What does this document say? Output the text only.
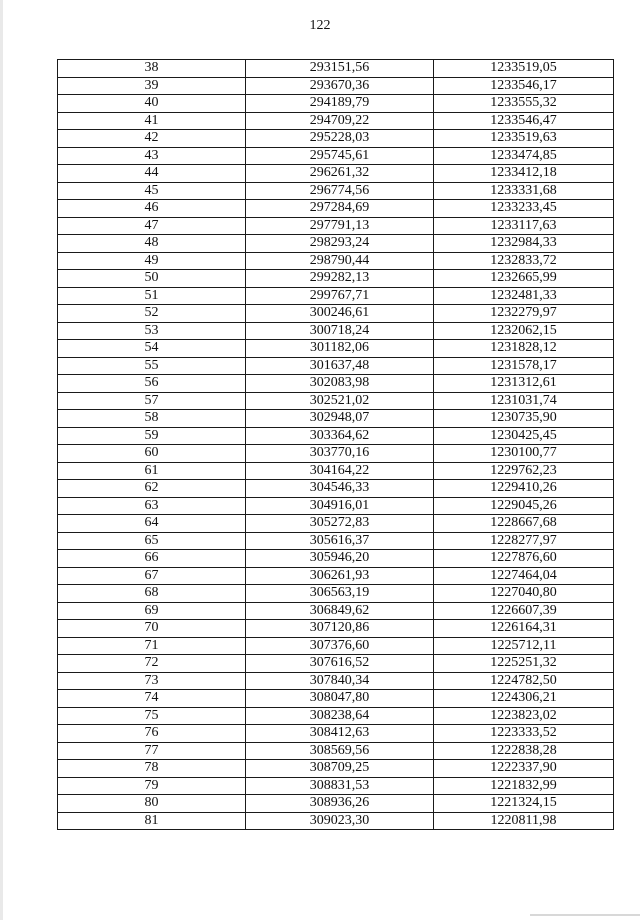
122
38	293151,56	1233519,05
39	293670,36	1233546,17
40	294189,79	1233555,32
41	294709,22	1233546,47
42	295228,03	1233519,63
43	295745,61	1233474,85
44	296261,32	1233412,18
45	296774,56	1233331,68
46	297284,69	1233233,45
47	297791,13	1233117,63
48	298293,24	1232984,33
49	298790,44	1232833,72
50	299282,13	1232665,99
51	299767,71	1232481,33
52	300246,61	1232279,97
53	300718,24	1232062,15
54	301182,06	1231828,12
55	301637,48	1231578,17
56	302083,98	1231312,61
57	302521,02	1231031,74
58	302948,07	1230735,90
59	303364,62	1230425,45
60	303770,16	1230100,77
61	304164,22	1229762,23
62	304546,33	1229410,26
63	304916,01	1229045,26
64	305272,83	1228667,68
65	305616,37	1228277,97
66	305946,20	1227876,60
67	306261,93	1227464,04
68	306563,19	1227040,80
69	306849,62	1226607,39
70	307120,86	1226164,31
71	307376,60	1225712,11
72	307616,52	1225251,32
73	307840,34	1224782,50
74	308047,80	1224306,21
75	308238,64	1223823,02
76	308412,63	1223333,52
77	308569,56	1222838,28
78	308709,25	1222337,90
79	308831,53	1221832,99
80	308936,26	1221324,15
81	309023,30	1220811,98
